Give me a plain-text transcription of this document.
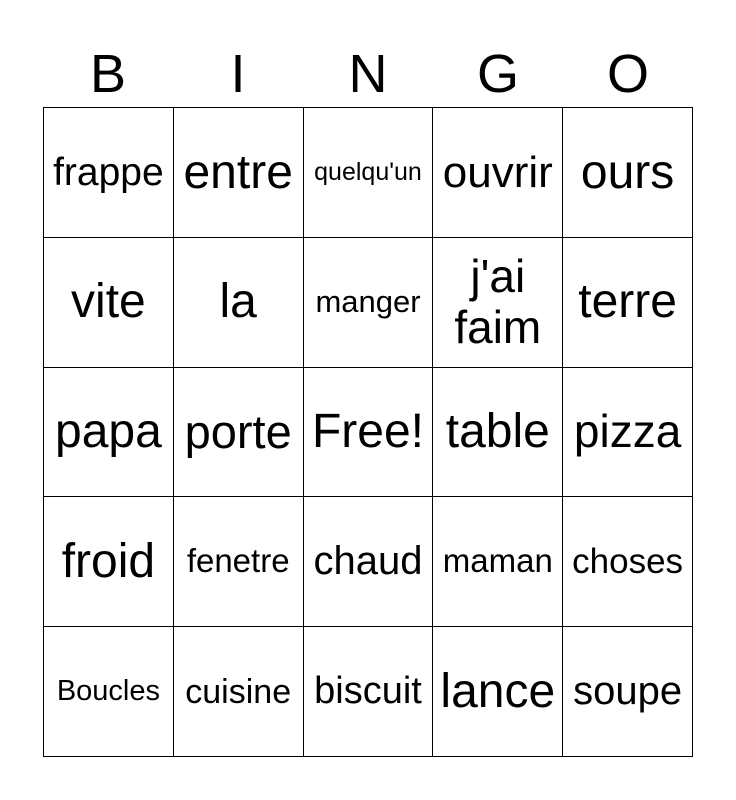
B	I	N	G	O
frappe	entre	quelqu'un	ouvrir	ours
vite	la	manger	j'ai faim	terre
papa	porte	Free!	table	pizza
froid	fenetre	chaud	maman	choses
Boucles	cuisine	biscuit	lance	soupe
